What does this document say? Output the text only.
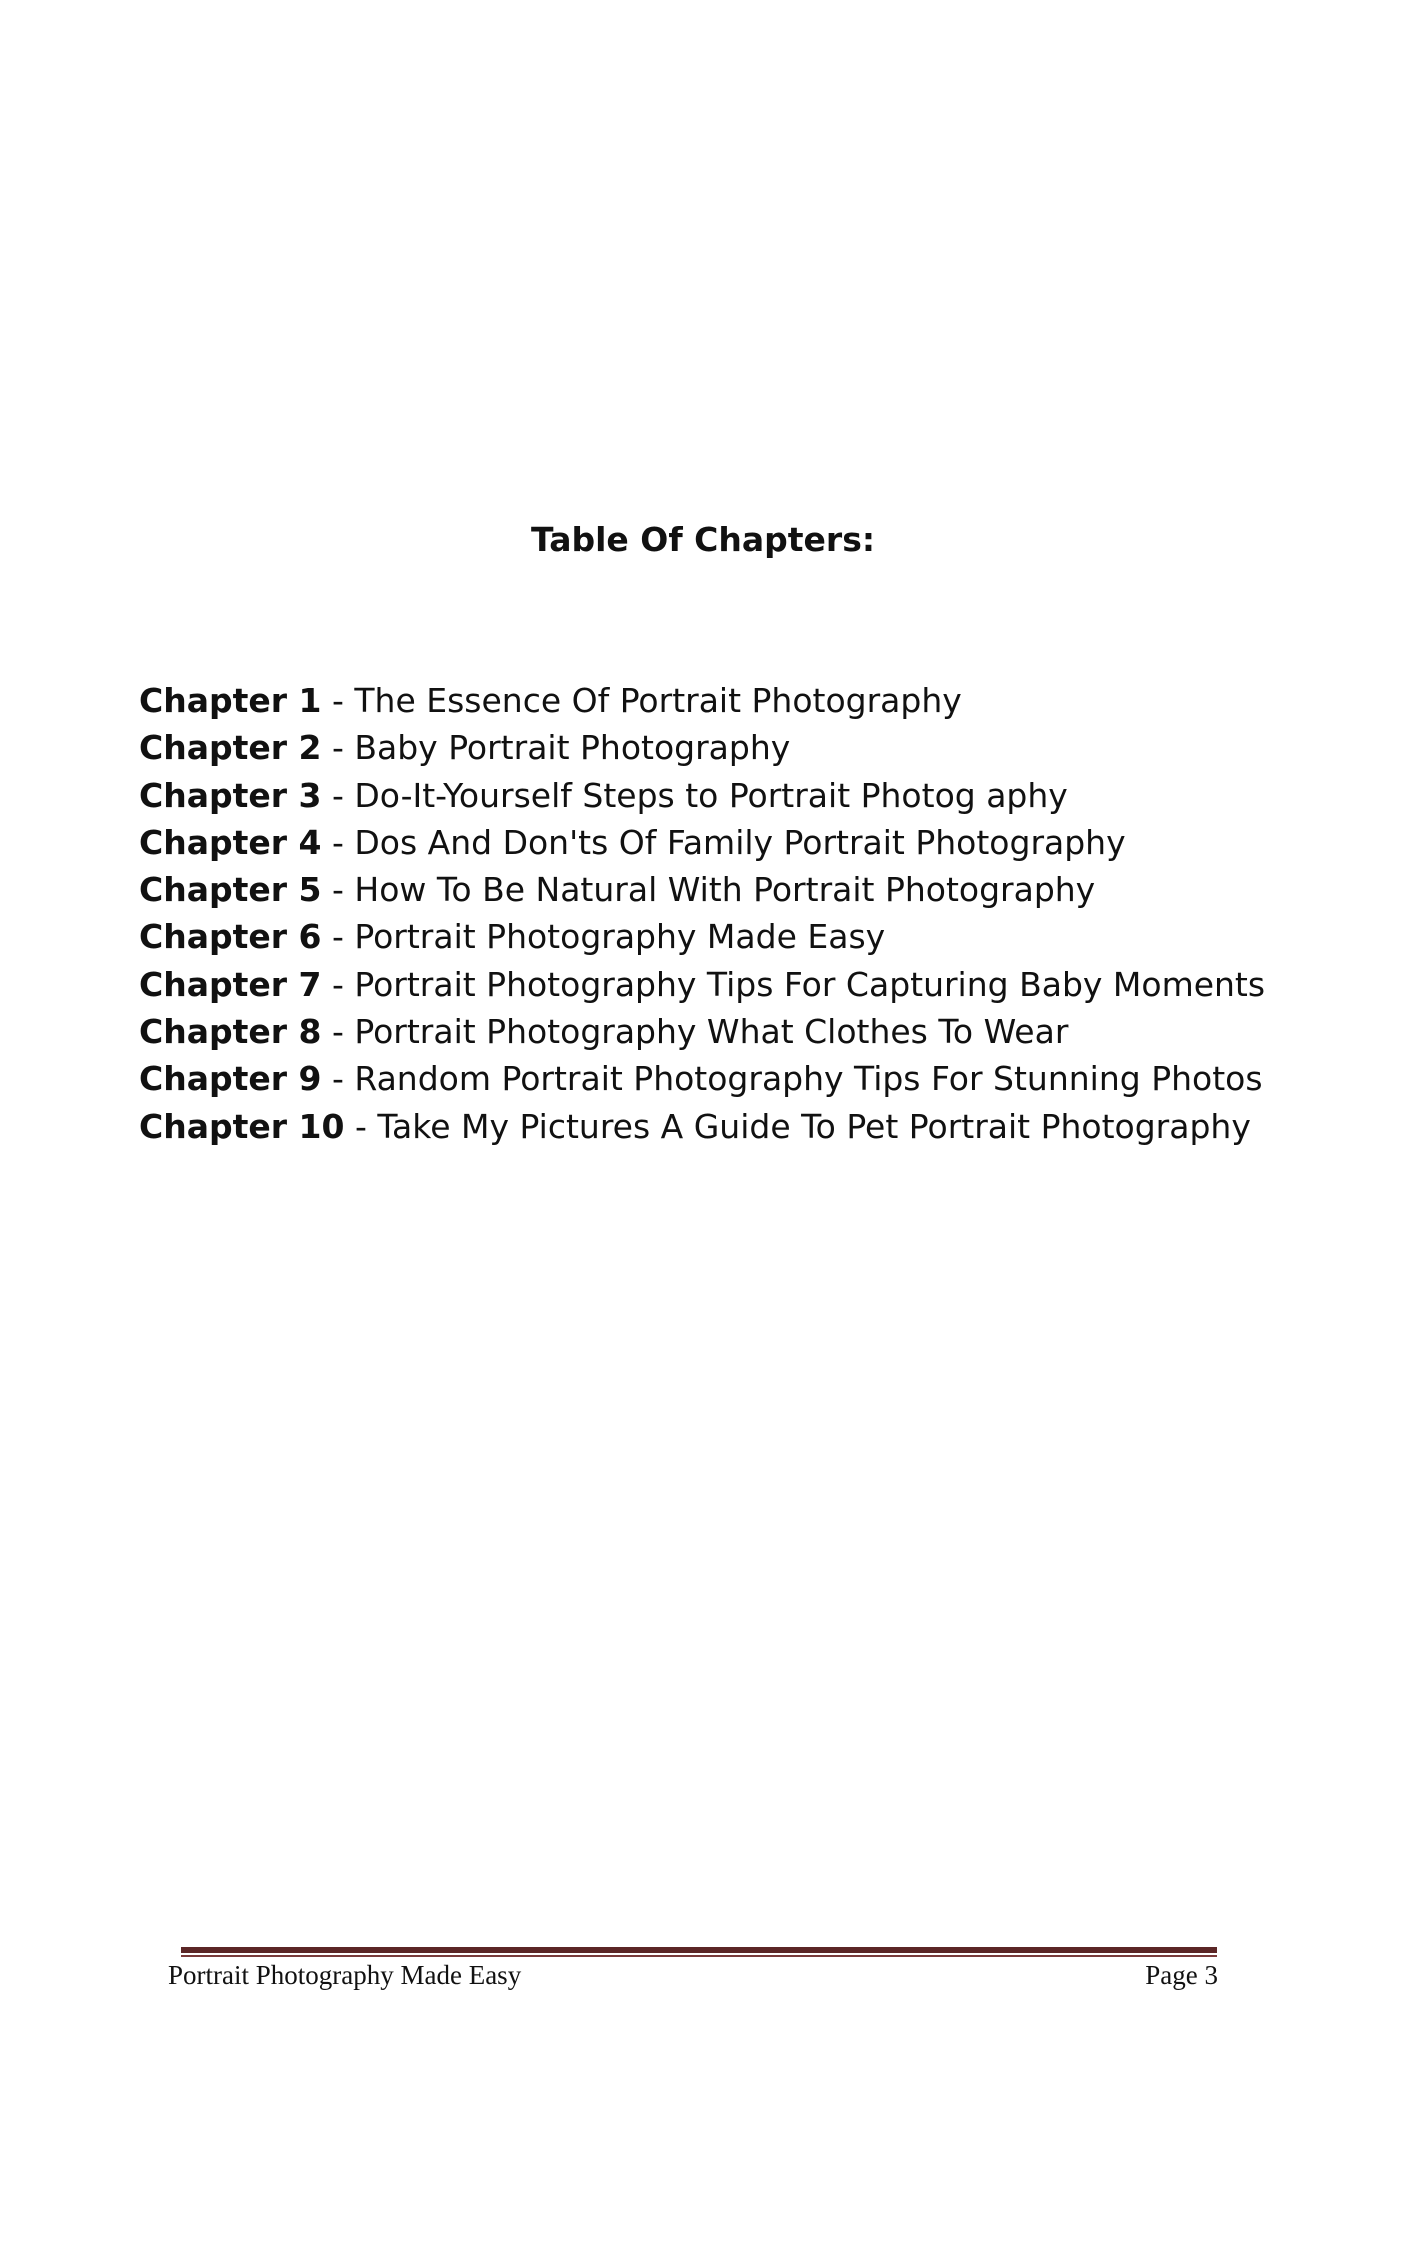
Table Of Chapters:
Chapter 1 - The Essence Of Portrait Photography
Chapter 2 - Baby Portrait Photography
Chapter 3 - Do-It-Yourself Steps to Portrait Photog aphy
Chapter 4 - Dos And Don'ts Of Family Portrait Photography
Chapter 5 - How To Be Natural With Portrait Photography
Chapter 6 - Portrait Photography Made Easy
Chapter 7 - Portrait Photography Tips For Capturing Baby Moments
Chapter 8 - Portrait Photography What Clothes To Wear
Chapter 9 - Random Portrait Photography Tips For Stunning Photos
Chapter 10 - Take My Pictures A Guide To Pet Portrait Photography
Portrait Photography Made Easy	Page 3
